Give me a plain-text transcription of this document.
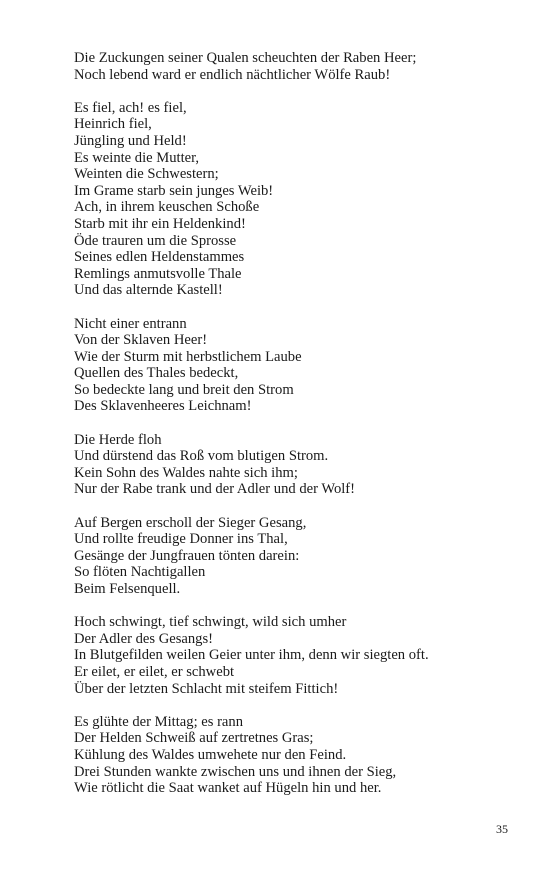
Die Zuckungen seiner Qualen scheuchten der Raben Heer;
Noch lebend ward er endlich nächtlicher Wölfe Raub!
Es fiel, ach! es fiel,
Heinrich fiel,
Jüngling und Held!
Es weinte die Mutter,
Weinten die Schwestern;
Im Grame starb sein junges Weib!
Ach, in ihrem keuschen Schoße
Starb mit ihr ein Heldenkind!
Öde trauren um die Sprosse
Seines edlen Heldenstammes
Remlings anmutsvolle Thale
Und das alternde Kastell!
Nicht einer entrann
Von der Sklaven Heer!
Wie der Sturm mit herbstlichem Laube
Quellen des Thales bedeckt,
So bedeckte lang und breit den Strom
Des Sklavenheeres Leichnam!
Die Herde floh
Und dürstend das Roß vom blutigen Strom.
Kein Sohn des Waldes nahte sich ihm;
Nur der Rabe trank und der Adler und der Wolf!
Auf Bergen erscholl der Sieger Gesang,
Und rollte freudige Donner ins Thal,
Gesänge der Jungfrauen tönten darein:
So flöten Nachtigallen
Beim Felsenquell.
Hoch schwingt, tief schwingt, wild sich umher
Der Adler des Gesangs!
In Blutgefilden weilen Geier unter ihm, denn wir siegten oft.
Er eilet, er eilet, er schwebt
Über der letzten Schlacht mit steifem Fittich!
Es glühte der Mittag; es rann
Der Helden Schweiß auf zertretnes Gras;
Kühlung des Waldes umwehete nur den Feind.
Drei Stunden wankte zwischen uns und ihnen der Sieg,
Wie rötlicht die Saat wanket auf Hügeln hin und her.
35
